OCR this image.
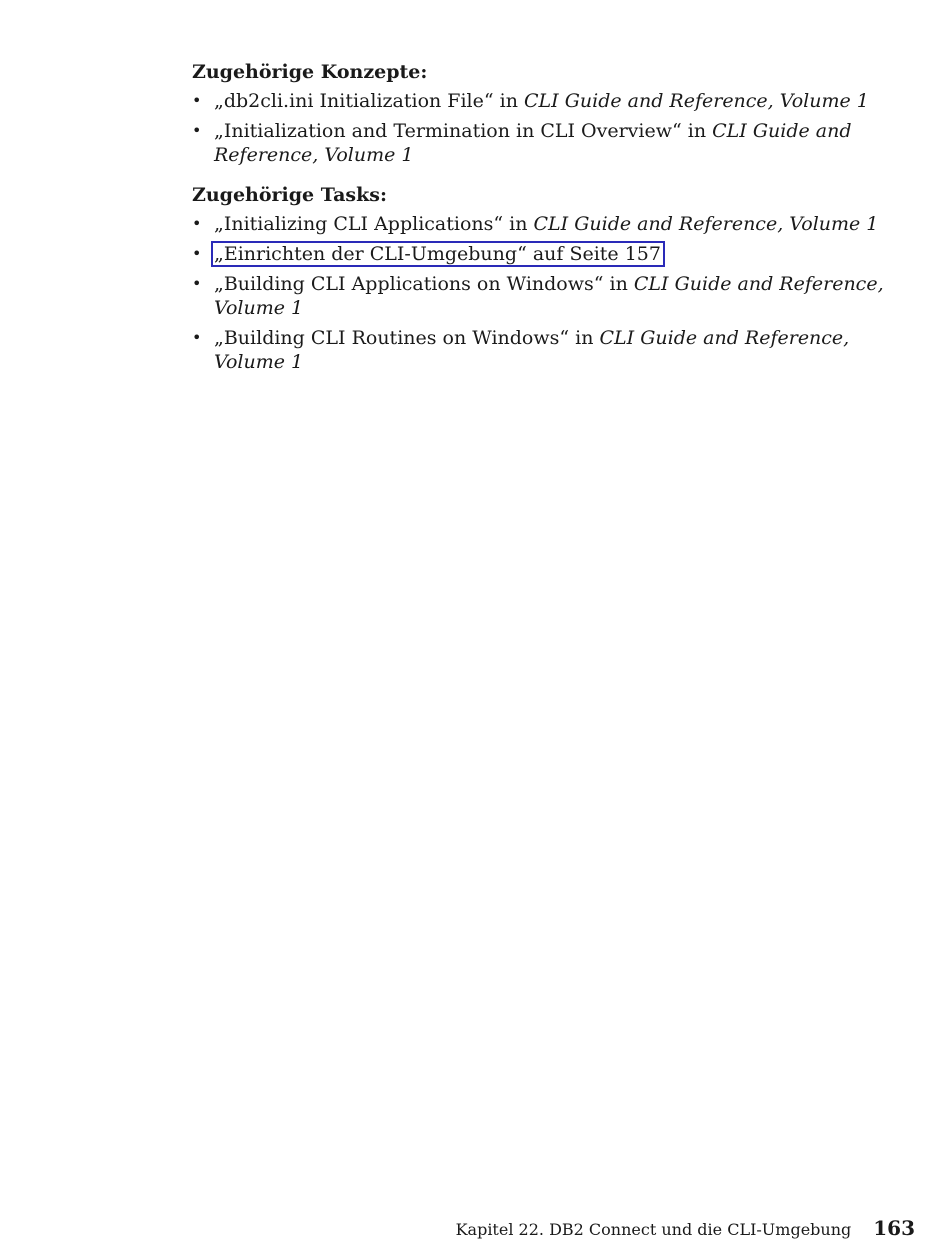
Zugehörige Konzepte:
• „db2cli.ini Initialization File“ in CLI Guide and Reference, Volume 1
• „Initialization and Termination in CLI Overview“ in CLI Guide and Reference, Volume 1
Zugehörige Tasks:
• „Initializing CLI Applications“ in CLI Guide and Reference, Volume 1
• „Einrichten der CLI-Umgebung“ auf Seite 157
• „Building CLI Applications on Windows“ in CLI Guide and Reference, Volume 1
• „Building CLI Routines on Windows“ in CLI Guide and Reference, Volume 1
Kapitel 22. DB2 Connect und die CLI-Umgebung 163
